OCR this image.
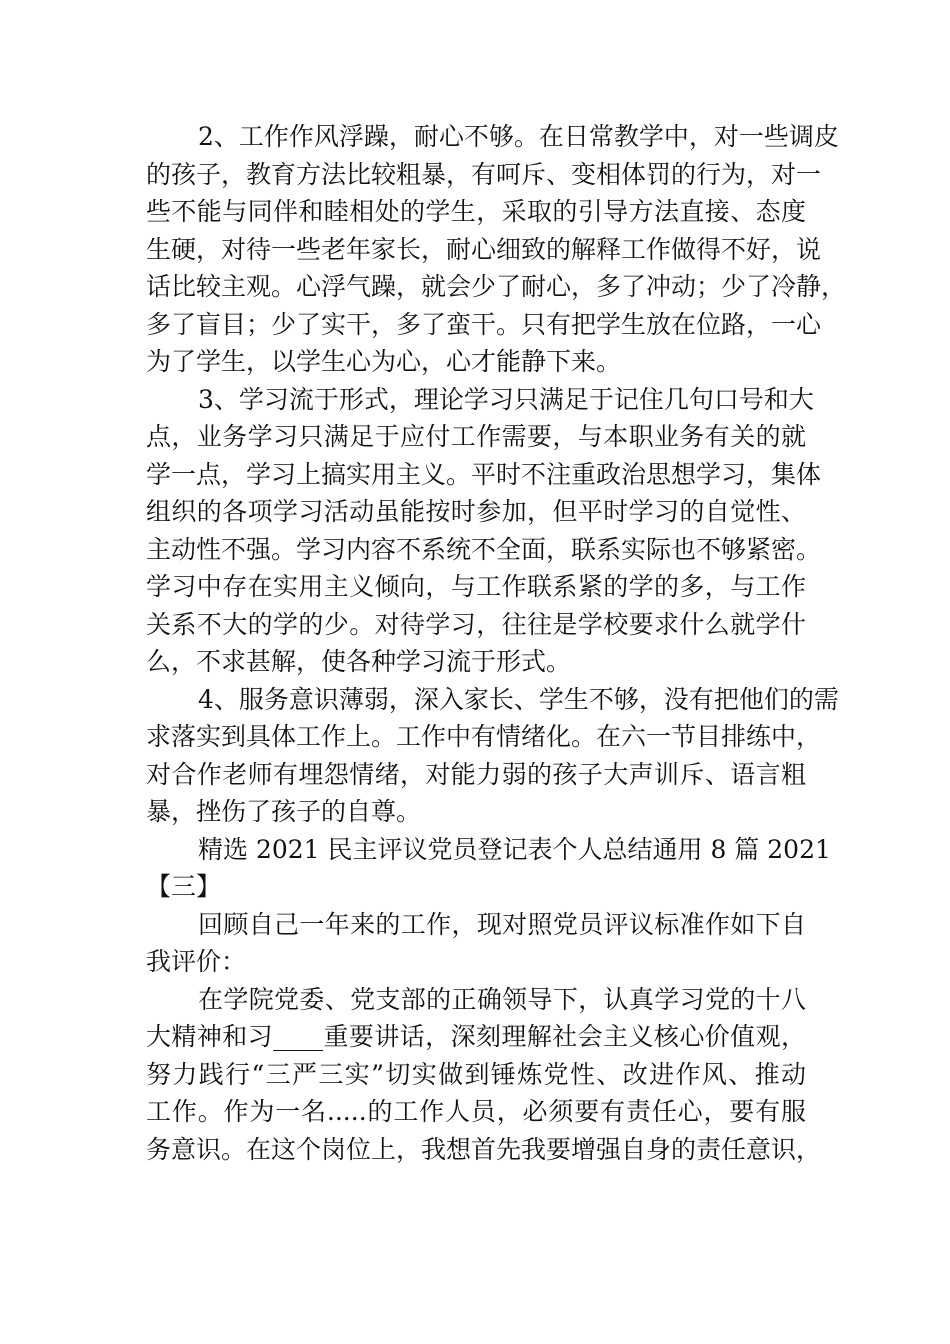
2、工作作风浮躁，耐心不够。在日常教学中，对一些调皮
的孩子，教育方法比较粗暴，有呵斥、变相体罚的行为，对一
些不能与同伴和睦相处的学生，采取的引导方法直接、态度
生硬，对待一些老年家长，耐心细致的解释工作做得不好，说
话比较主观。心浮气躁，就会少了耐心，多了冲动；少了冷静，
多了盲目；少了实干，多了蛮干。只有把学生放在位路，一心
为了学生，以学生心为心，心才能静下来。
3、学习流于形式，理论学习只满足于记住几句口号和大
点，业务学习只满足于应付工作需要，与本职业务有关的就
学一点，学习上搞实用主义。平时不注重政治思想学习，集体
组织的各项学习活动虽能按时参加，但平时学习的自觉性、
主动性不强。学习内容不系统不全面，联系实际也不够紧密。
学习中存在实用主义倾向，与工作联系紧的学的多，与工作
关系不大的学的少。对待学习，往往是学校要求什么就学什
么，不求甚解，使各种学习流于形式。
4、服务意识薄弱，深入家长、学生不够，没有把他们的需
求落实到具体工作上。工作中有情绪化。在六一节目排练中，
对合作老师有埋怨情绪，对能力弱的孩子大声训斥、语言粗
暴，挫伤了孩子的自尊。
精选 2021 民主评议党员登记表个人总结通用 8 篇 2021
【三】
回顾自己一年来的工作，现对照党员评议标准作如下自
我评价：
在学院党委、党支部的正确领导下，认真学习党的十八
大精神和习____重要讲话，深刻理解社会主义核心价值观，
努力践行“三严三实”切实做到锤炼党性、改进作风、推动
工作。作为一名.....的工作人员，必须要有责任心，要有服
务意识。在这个岗位上，我想首先我要增强自身的责任意识，
